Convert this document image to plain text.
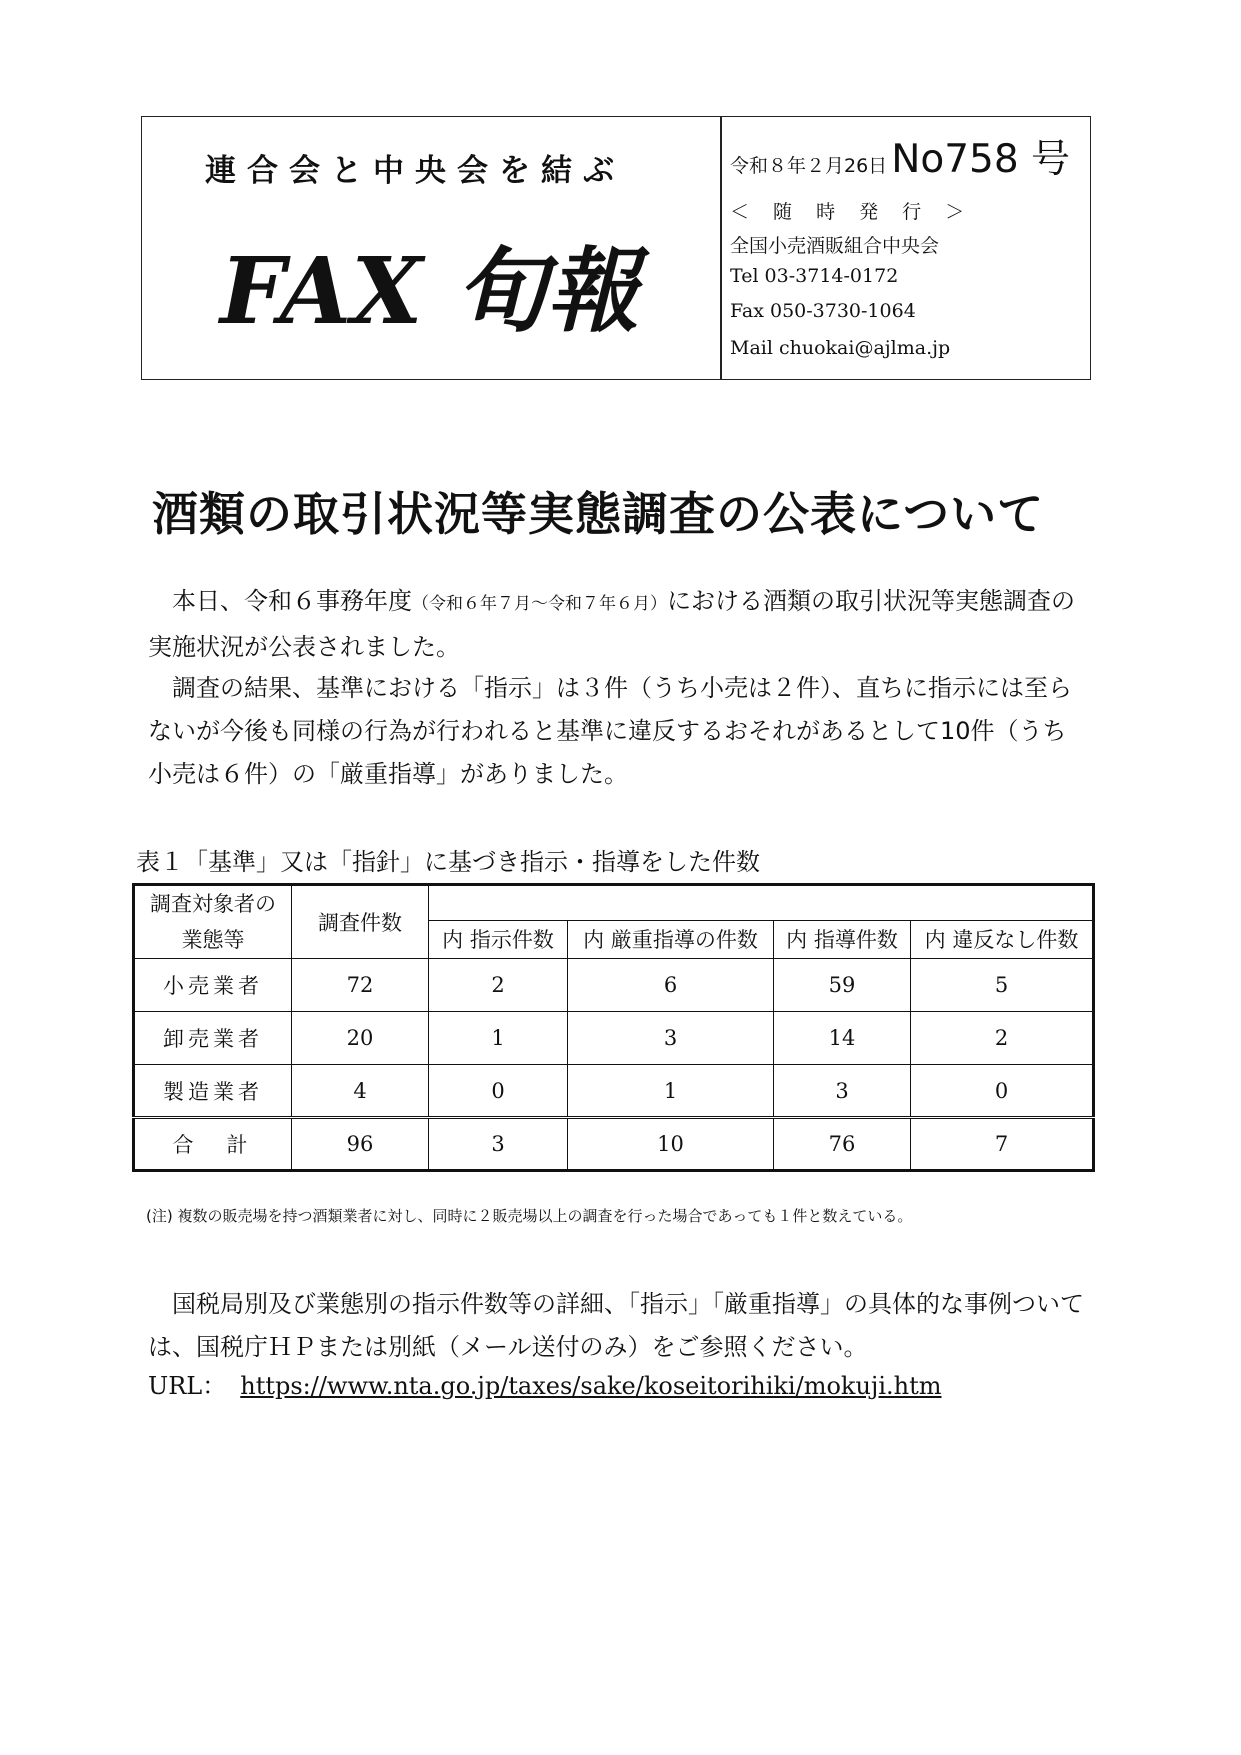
連合会と中央会を結ぶ
FAX 旬報
令和８年２月26日 No758 号
＜ 随 時 発 行 ＞
全国小売酒販組合中央会
Tel 03-3714-0172
Fax 050-3730-1064
Mail chuokai@ajlma.jp
酒類の取引状況等実態調査の公表について
本日、令和６事務年度（令和６年７月～令和７年６月）における酒類の取引状況等実態調査の実施状況が公表されました。
調査の結果、基準における「指示」は３件（うち小売は２件）、直ちに指示には至らないが今後も同様の行為が行われると基準に違反するおそれがあるとして10件（うち小売は６件）の「厳重指導」がありました。
表１「基準」又は「指針」に基づき指示・指導をした件数
調査対象者の
業態等	調査件数				
		内 指示件数	内 厳重指導の件数	内 指導件数	内 違反なし件数
小売業者	72	2	6	59	5
卸売業者	20	1	3	14	2
製造業者	4	0	1	3	0
合　計	96	3	10	76	7
(注) 複数の販売場を持つ酒類業者に対し、同時に２販売場以上の調査を行った場合であっても１件と数えている。
国税局別及び業態別の指示件数等の詳細、「指示」「厳重指導」の具体的な事例ついては、国税庁ＨＰまたは別紙（メール送付のみ）をご参照ください。
URL： https://www.nta.go.jp/taxes/sake/koseitorihiki/mokuji.htm
